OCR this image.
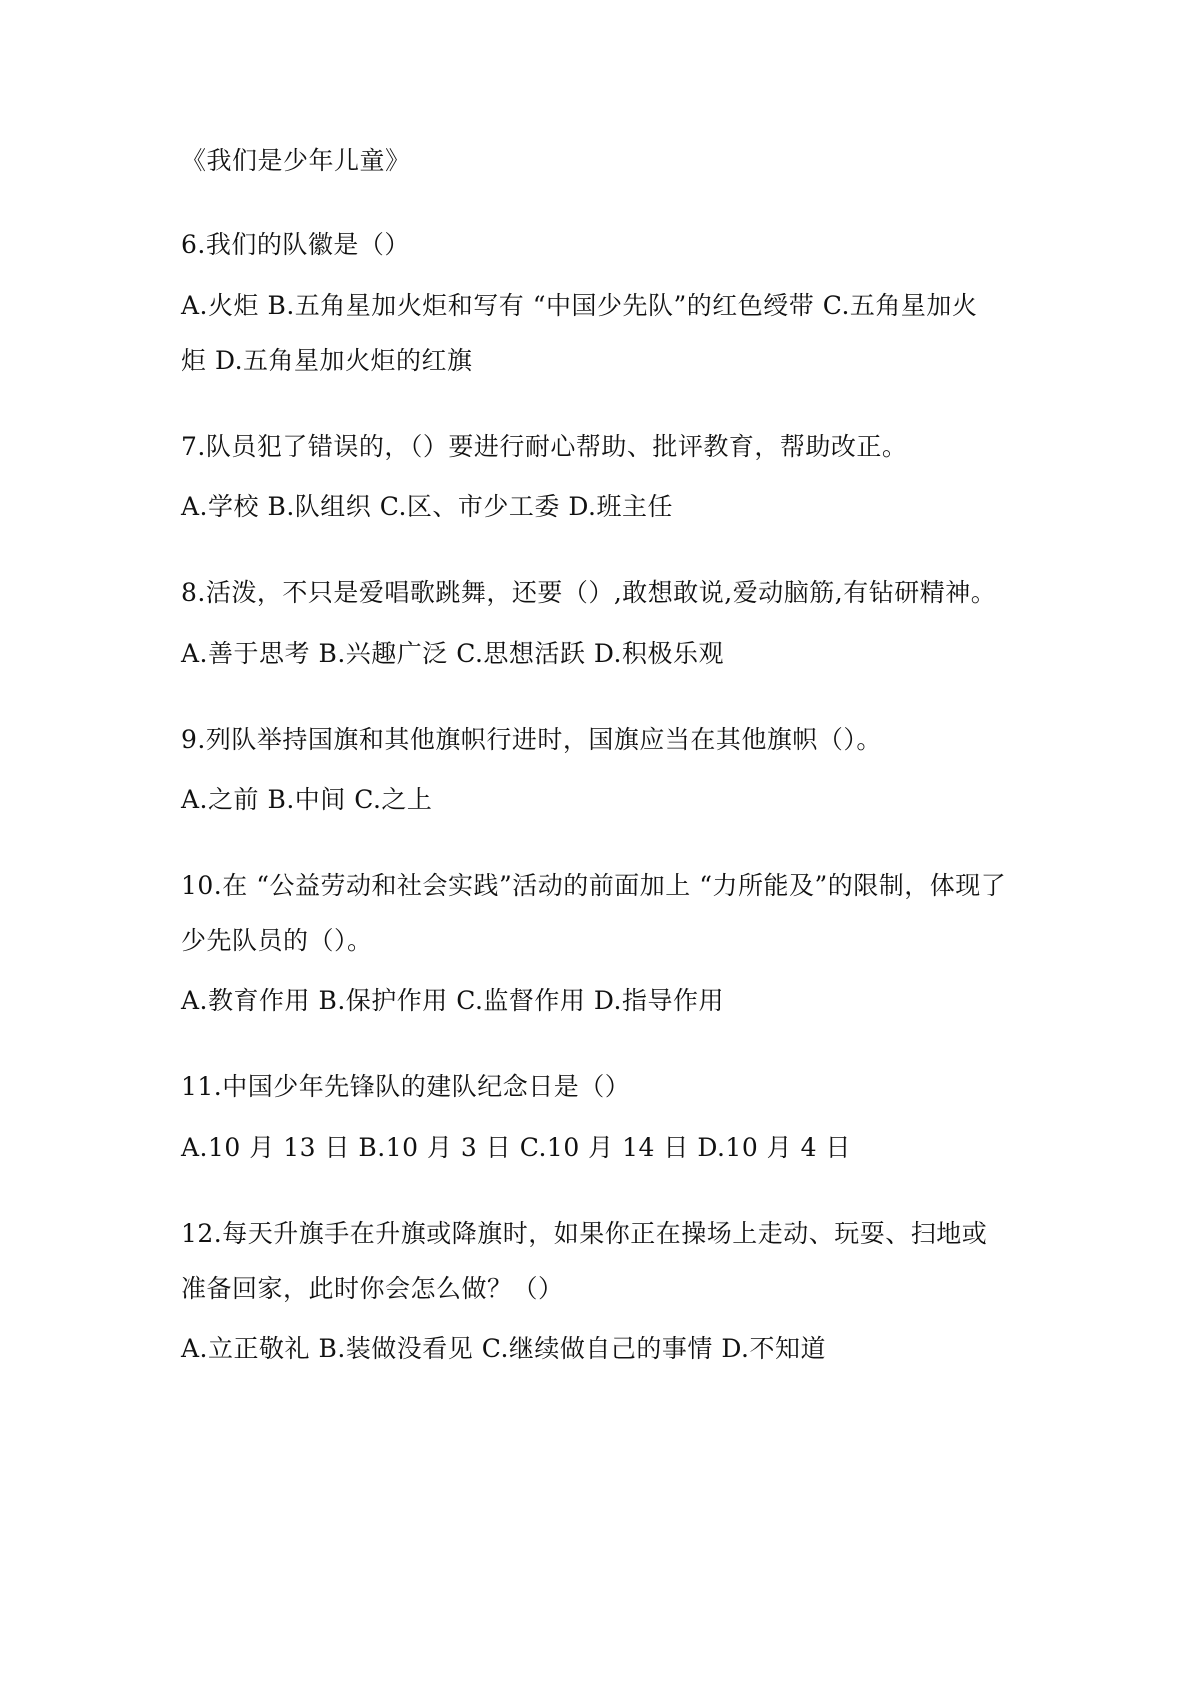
《我们是少年儿童》
6.我们的队徽是（）
A.火炬 B.五角星加火炬和写有 “中国少先队”的红色绶带 C.五角星加火
炬 D.五角星加火炬的红旗
7.队员犯了错误的，（）要进行耐心帮助、批评教育，帮助改正。
A.学校 B.队组织 C.区、市少工委 D.班主任
8.活泼，不只是爱唱歌跳舞，还要（）,敢想敢说,爱动脑筋,有钻研精神。
A.善于思考 B.兴趣广泛 C.思想活跃 D.积极乐观
9.列队举持国旗和其他旗帜行进时，国旗应当在其他旗帜（）。
A.之前 B.中间 C.之上
10.在 “公益劳动和社会实践”活动的前面加上 “力所能及”的限制，体现了
少先队员的（）。
A.教育作用 B.保护作用 C.监督作用 D.指导作用
11.中国少年先锋队的建队纪念日是（）
A.10 月 13 日 B.10 月 3 日 C.10 月 14 日 D.10 月 4 日
12.每天升旗手在升旗或降旗时，如果你正在操场上走动、玩耍、扫地或
准备回家，此时你会怎么做？（）
A.立正敬礼 B.装做没看见 C.继续做自己的事情 D.不知道
